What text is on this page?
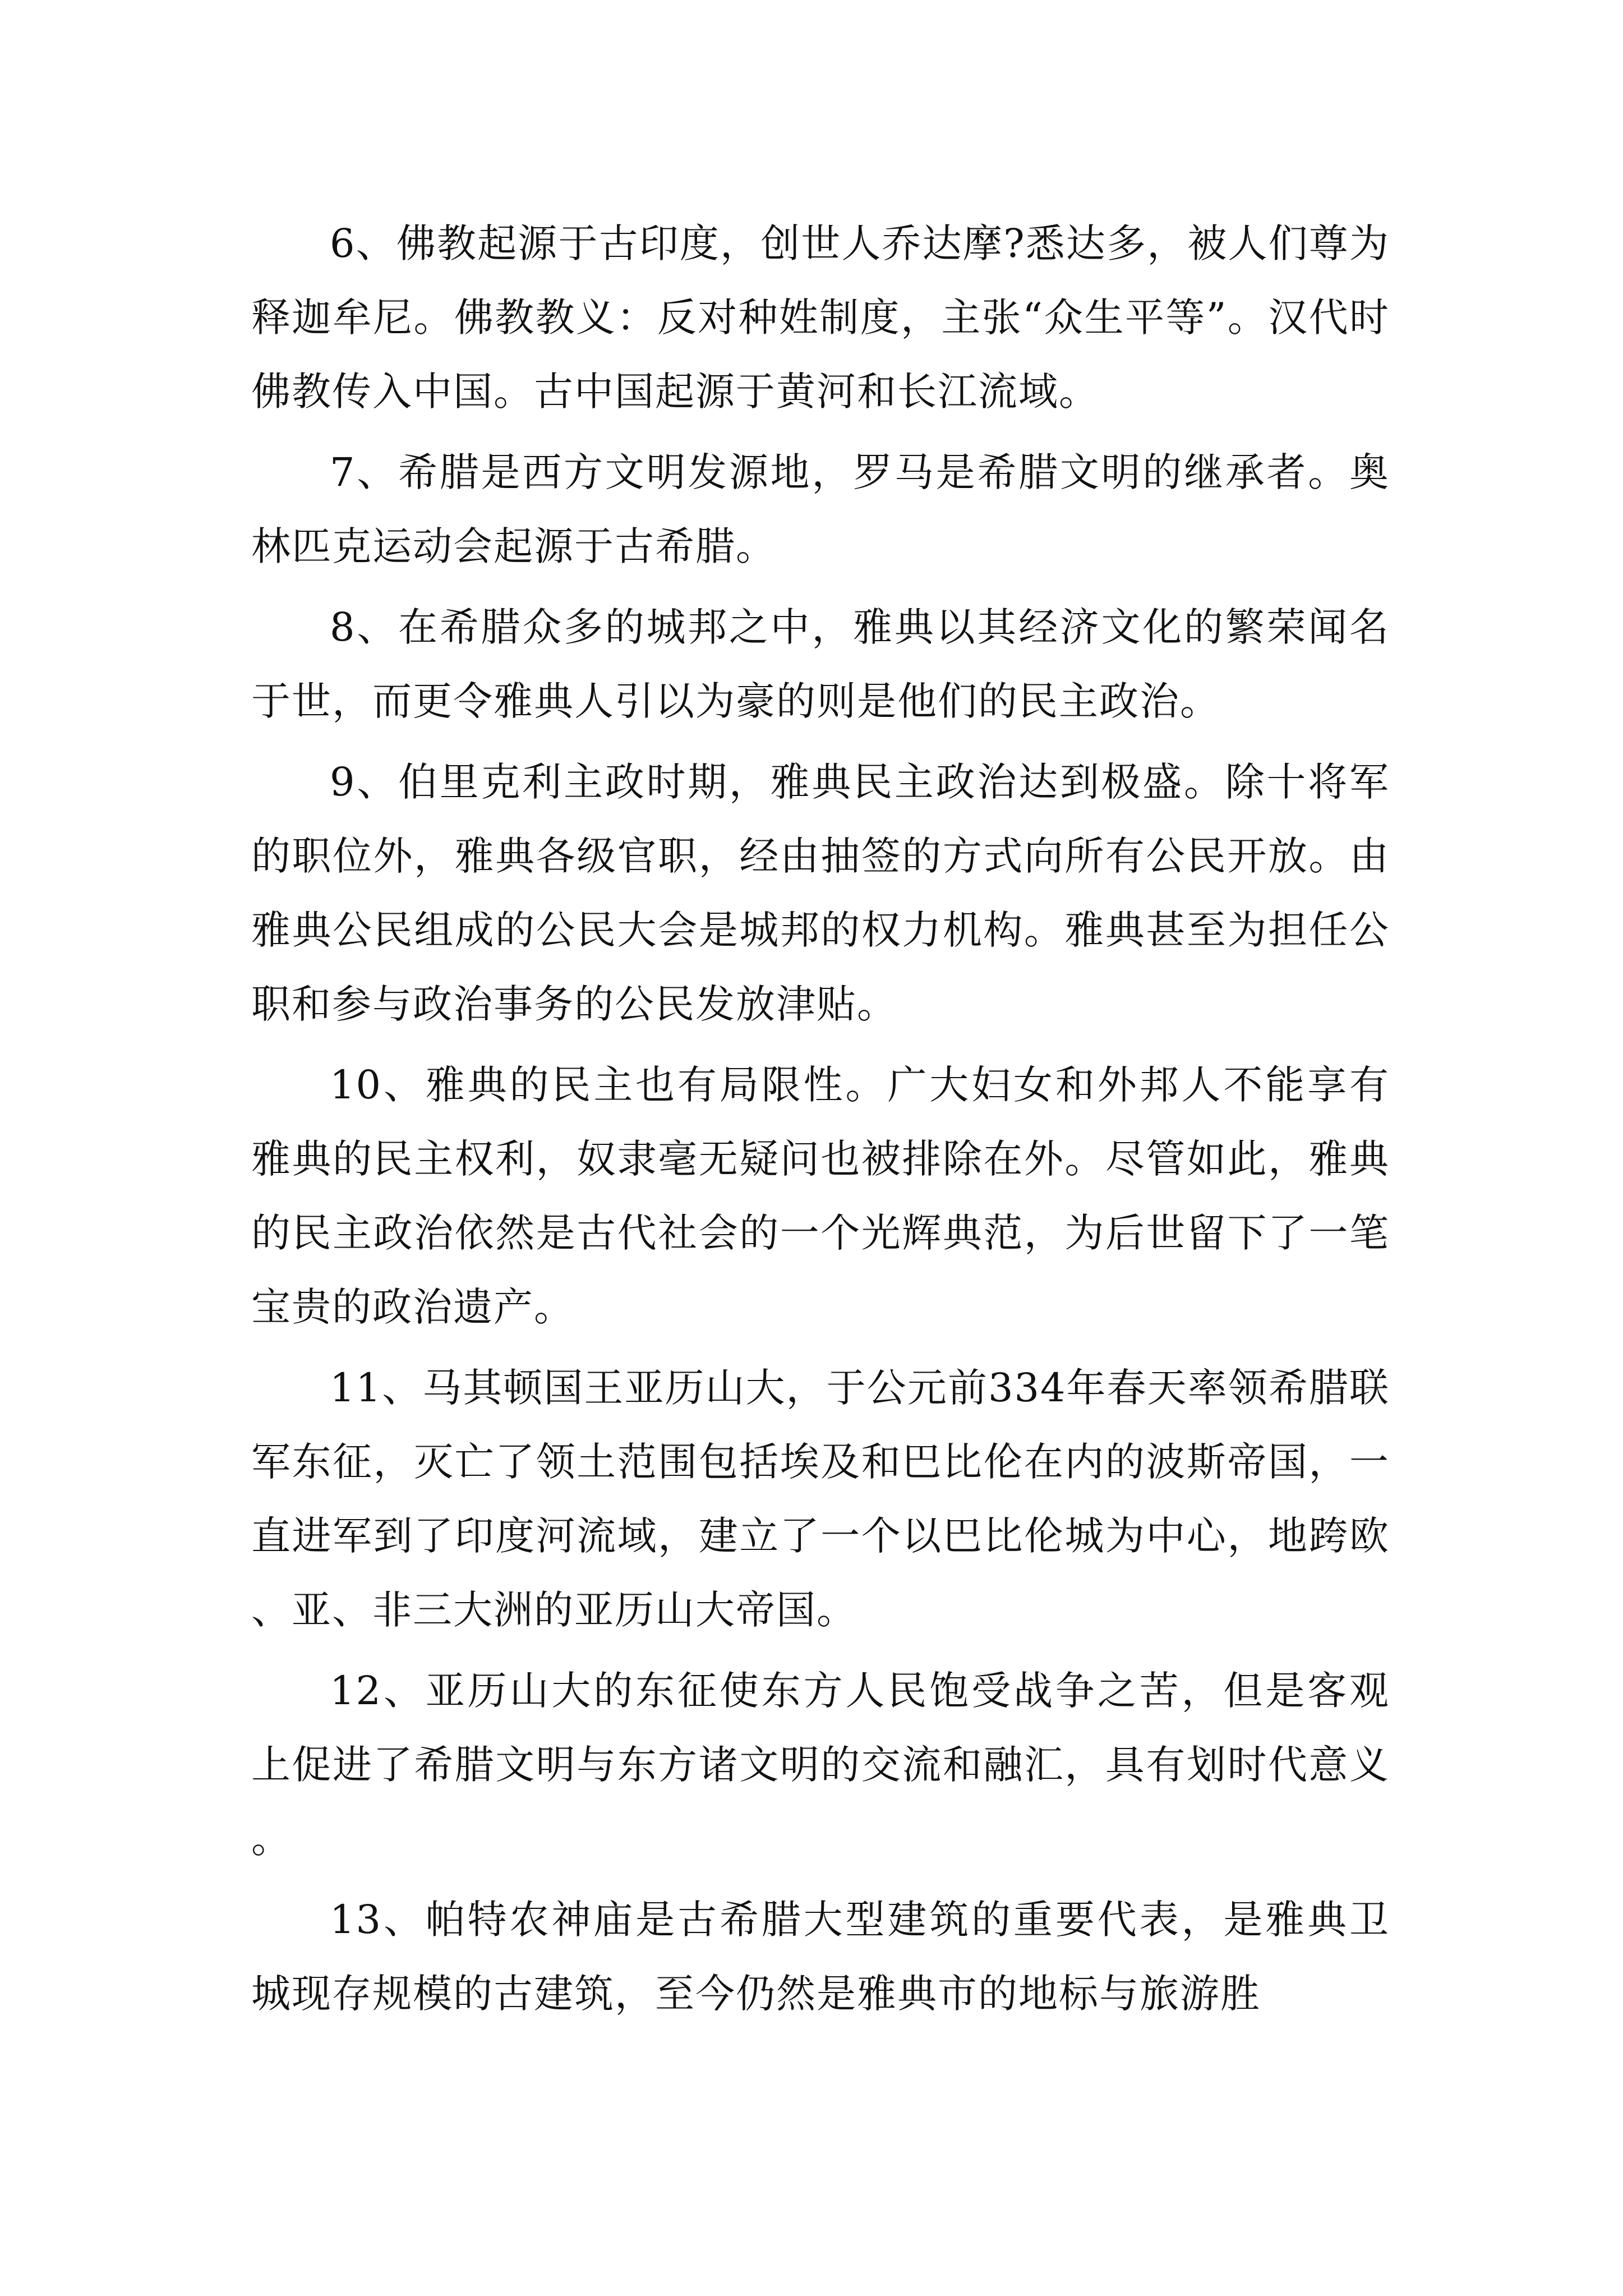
6、佛教起源于古印度，创世人乔达摩?悉达多，被人们尊为释迦牟尼。佛教教义：反对种姓制度，主张“众生平等”。汉代时佛教传入中国。古中国起源于黄河和长江流域。

7、希腊是西方文明发源地，罗马是希腊文明的继承者。奥林匹克运动会起源于古希腊。

8、在希腊众多的城邦之中，雅典以其经济文化的繁荣闻名于世，而更令雅典人引以为豪的则是他们的民主政治。

9、伯里克利主政时期，雅典民主政治达到极盛。除十将军的职位外，雅典各级官职，经由抽签的方式向所有公民开放。由雅典公民组成的公民大会是城邦的权力机构。雅典甚至为担任公职和参与政治事务的公民发放津贴。

10、雅典的民主也有局限性。广大妇女和外邦人不能享有雅典的民主权利，奴隶毫无疑问也被排除在外。尽管如此，雅典的民主政治依然是古代社会的一个光辉典范，为后世留下了一笔宝贵的政治遗产。

11、马其顿国王亚历山大，于公元前334年春天率领希腊联军东征，灭亡了领土范围包括埃及和巴比伦在内的波斯帝国，一直进军到了印度河流域，建立了一个以巴比伦城为中心，地跨欧、亚、非三大洲的亚历山大帝国。

12、亚历山大的东征使东方人民饱受战争之苦，但是客观上促进了希腊文明与东方诸文明的交流和融汇，具有划时代意义。

13、帕特农神庙是古希腊大型建筑的重要代表，是雅典卫城现存规模的古建筑，至今仍然是雅典市的地标与旅游胜
